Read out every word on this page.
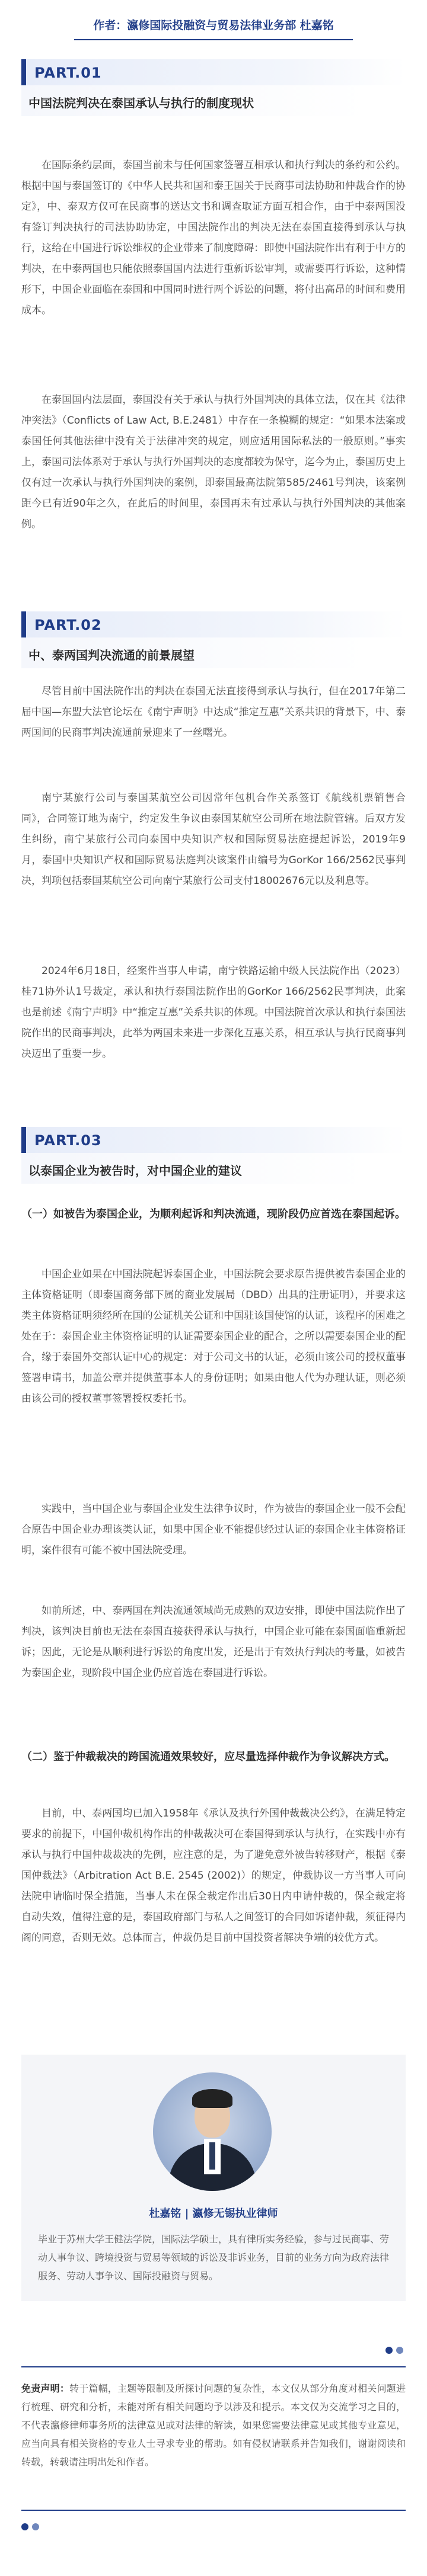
作者：瀛修国际投融资与贸易法律业务部 杜嘉铭
PART.01
中国法院判决在泰国承认与执行的制度现状

在国际条约层面，泰国当前未与任何国家签署互相承认和执行判决的条约和公约。根据中国与泰国签订的《中华人民共和国和泰王国关于民商事司法协助和仲裁合作的协定》，中、泰双方仅可在民商事的送达文书和调查取证方面互相合作，由于中泰两国没有签订判决执行的司法协助协定，中国法院作出的判决无法在泰国直接得到承认与执行，这给在中国进行诉讼维权的企业带来了制度障碍：即使中国法院作出有利于中方的判决，在中泰两国也只能依照泰国国内法进行重新诉讼审判，或需要再行诉讼，这种情形下，中国企业面临在泰国和中国同时进行两个诉讼的问题，将付出高昂的时间和费用成本。

在泰国国内法层面，泰国没有关于承认与执行外国判决的具体立法，仅在其《法律冲突法》（Conflicts of Law Act, B.E.2481）中存在一条模糊的规定：“如果本法案或泰国任何其他法律中没有关于法律冲突的规定，则应适用国际私法的一般原则。”事实上，泰国司法体系对于承认与执行外国判决的态度都较为保守，迄今为止，泰国历史上仅有过一次承认与执行外国判决的案例，即泰国最高法院第585/2461号判决，该案例距今已有近90年之久，在此后的时间里，泰国再未有过承认与执行外国判决的其他案例。

PART.02
中、泰两国判决流通的前景展望

尽管目前中国法院作出的判决在泰国无法直接得到承认与执行，但在2017年第二届中国—东盟大法官论坛在《南宁声明》中达成“推定互惠”关系共识的背景下，中、泰两国间的民商事判决流通前景迎来了一丝曙光。

南宁某旅行公司与泰国某航空公司因常年包机合作关系签订《航线机票销售合同》，合同签订地为南宁，约定发生争议由泰国某航空公司所在地法院管辖。后双方发生纠纷，南宁某旅行公司向泰国中央知识产权和国际贸易法庭提起诉讼，2019年9月，泰国中央知识产权和国际贸易法庭判决该案件由编号为GorKor 166/2562民事判决，判项包括泰国某航空公司向南宁某旅行公司支付18002676元以及利息等。

2024年6月18日，经案件当事人申请，南宁铁路运输中级人民法院作出（2023）桂71协外认1号裁定，承认和执行泰国法院作出的GorKor 166/2562民事判决，此案也是前述《南宁声明》中“推定互惠”关系共识的体现。中国法院首次承认和执行泰国法院作出的民商事判决，此举为两国未来进一步深化互惠关系，相互承认与执行民商事判决迈出了重要一步。

PART.03
以泰国企业为被告时，对中国企业的建议

（一）如被告为泰国企业，为顺利起诉和判决流通，现阶段仍应首选在泰国起诉。

中国企业如果在中国法院起诉泰国企业，中国法院会要求原告提供被告泰国企业的主体资格证明（即泰国商务部下属的商业发展局（DBD）出具的注册证明），并要求这类主体资格证明须经所在国的公证机关公证和中国驻该国使馆的认证，该程序的困难之处在于：泰国企业主体资格证明的认证需要泰国企业的配合，之所以需要泰国企业的配合，缘于泰国外交部认证中心的规定：对于公司文书的认证，必须由该公司的授权董事签署申请书，加盖公章并提供董事本人的身份证明；如果由他人代为办理认证，则必须由该公司的授权董事签署授权委托书。

实践中，当中国企业与泰国企业发生法律争议时，作为被告的泰国企业一般不会配合原告中国企业办理该类认证，如果中国企业不能提供经过认证的泰国企业主体资格证明，案件很有可能不被中国法院受理。

如前所述，中、泰两国在判决流通领域尚无成熟的双边安排，即使中国法院作出了判决，该判决目前也无法在泰国直接获得承认与执行，中国企业可能在泰国面临重新起诉；因此，无论是从顺利进行诉讼的角度出发，还是出于有效执行判决的考量，如被告为泰国企业，现阶段中国企业仍应首选在泰国进行诉讼。

（二）鉴于仲裁裁决的跨国流通效果较好，应尽量选择仲裁作为争议解决方式。

目前，中、泰两国均已加入1958年《承认及执行外国仲裁裁决公约》，在满足特定要求的前提下，中国仲裁机构作出的仲裁裁决可在泰国得到承认与执行，在实践中亦有承认与执行中国仲裁裁决的先例，应注意的是，为了避免意外被告转移财产，根据《泰国仲裁法》（Arbitration Act B.E. 2545 (2002)）的规定，仲裁协议一方当事人可向法院申请临时保全措施，当事人未在保全裁定作出后30日内申请仲裁的，保全裁定将自动失效，值得注意的是，泰国政府部门与私人之间签订的合同如诉诸仲裁，须征得内阁的同意，否则无效。总体而言，仲裁仍是目前中国投资者解决争端的较优方式。

杜嘉铭 | 瀛修无锡执业律师

毕业于苏州大学王健法学院，国际法学硕士，具有律所实务经验，参与过民商事、劳动人事争议、跨境投资与贸易等领域的诉讼及非诉业务，目前的业务方向为政府法律服务、劳动人事争议、国际投融资与贸易。

免责声明：转于篇幅，主题等限制及所探讨问题的复杂性，本文仅从部分角度对相关问题进行梳理、研究和分析，未能对所有相关问题均予以涉及和提示。本文仅为交流学习之目的，不代表瀛修律师事务所的法律意见或对法律的解读，如果您需要法律意见或其他专业意见，应当向具有相关资格的专业人士寻求专业的帮助。如有侵权请联系并告知我们，谢谢阅读和转载，转载请注明出处和作者。
